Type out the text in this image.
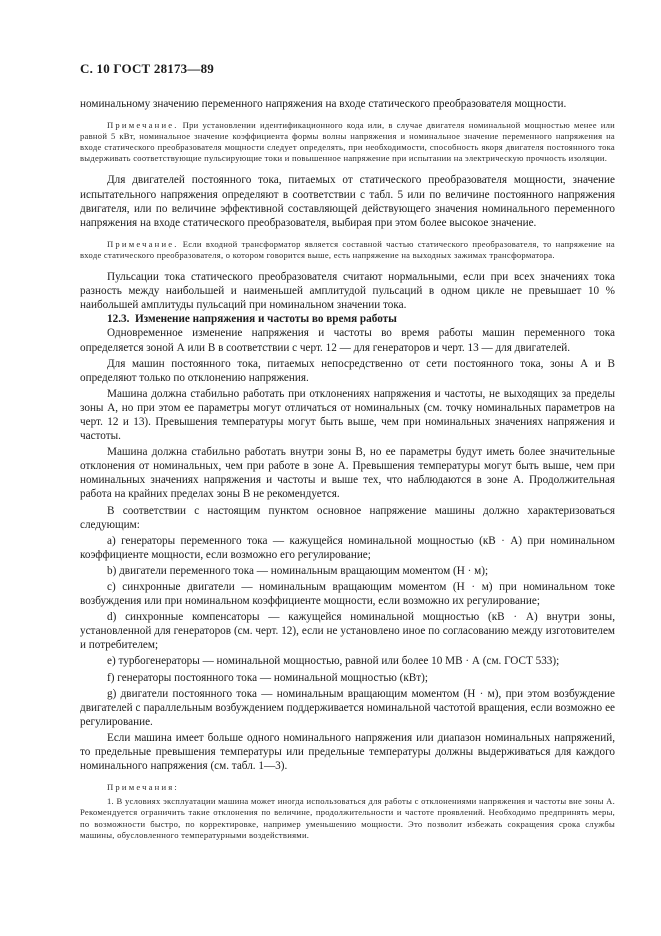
С. 10 ГОСТ 28173—89

номинальному значению переменного напряжения на входе статического преобразователя мощности.

Примечание. При установлении идентификационного кода или, в случае двигателя номинальной мощностью менее или равной 5 кВт, номинальное значение коэффициента формы волны напряжения и номинальное значение переменного напряжения на входе статического преобразователя мощности следует определять, при необходимости, способность якоря двигателя постоянного тока выдерживать соответствующие пульсирующие токи и повышенное напряжение при испытании на электрическую прочность изоляции.

Для двигателей постоянного тока, питаемых от статического преобразователя мощности, значение испытательного напряжения определяют в соответствии с табл. 5 или по величине постоянного напряжения двигателя, или по величине эффективной составляющей действующего значения номинального переменного напряжения на входе статического преобразователя, выбирая при этом более высокое значение.

Примечание. Если входной трансформатор является составной частью статического преобразователя, то напряжение на входе статического преобразователя, о котором говорится выше, есть напряжение на выходных зажимах трансформатора.

Пульсации тока статического преобразователя считают нормальными, если при всех значениях тока разность между наибольшей и наименьшей амплитудой пульсаций в одном цикле не превышает 10 % наибольшей амплитуды пульсаций при номинальном значении тока.

12.3. Изменение напряжения и частоты во время работы

Одновременное изменение напряжения и частоты во время работы машин переменного тока определяется зоной А или В в соответствии с черт. 12 — для генераторов и черт. 13 — для двигателей.

Для машин постоянного тока, питаемых непосредственно от сети постоянного тока, зоны А и В определяют только по отклонению напряжения.

Машина должна стабильно работать при отклонениях напряжения и частоты, не выходящих за пределы зоны А, но при этом ее параметры могут отличаться от номинальных (см. точку номинальных параметров на черт. 12 и 13). Превышения температуры могут быть выше, чем при номинальных значениях напряжения и частоты.

Машина должна стабильно работать внутри зоны В, но ее параметры будут иметь более значительные отклонения от номинальных, чем при работе в зоне А. Превышения температуры могут быть выше, чем при номинальных значениях напряжения и частоты и выше тех, что наблюдаются в зоне А. Продолжительная работа на крайних пределах зоны В не рекомендуется.

В соответствии с настоящим пунктом основное напряжение машины должно характеризоваться следующим:

a) генераторы переменного тока — кажущейся номинальной мощностью (кВ · А) при номинальном коэффициенте мощности, если возможно его регулирование;

b) двигатели переменного тока — номинальным вращающим моментом (Н · м);

c) синхронные двигатели — номинальным вращающим моментом (Н · м) при номинальном токе возбуждения или при номинальном коэффициенте мощности, если возможно их регулирование;

d) синхронные компенсаторы — кажущейся номинальной мощностью (кВ · А) внутри зоны, установленной для генераторов (см. черт. 12), если не установлено иное по согласованию между изготовителем и потребителем;

e) турбогенераторы — номинальной мощностью, равной или более 10 МВ · А (см. ГОСТ 533);

f) генераторы постоянного тока — номинальной мощностью (кВт);

g) двигатели постоянного тока — номинальным вращающим моментом (Н · м), при этом возбуждение двигателей с параллельным возбуждением поддерживается номинальной частотой вращения, если возможно ее регулирование.

Если машина имеет больше одного номинального напряжения или диапазон номинальных напряжений, то предельные превышения температуры или предельные температуры должны выдерживаться для каждого номинального напряжения (см. табл. 1—3).

Примечания:

1. В условиях эксплуатации машина может иногда использоваться для работы с отклонениями напряжения и частоты вне зоны А. Рекомендуется ограничить такие отклонения по величине, продолжительности и частоте проявлений. Необходимо предпринять меры, по возможности быстро, по корректировке, например уменьшению мощности. Это позволит избежать сокращения срока службы машины, обусловленного температурными воздействиями.
